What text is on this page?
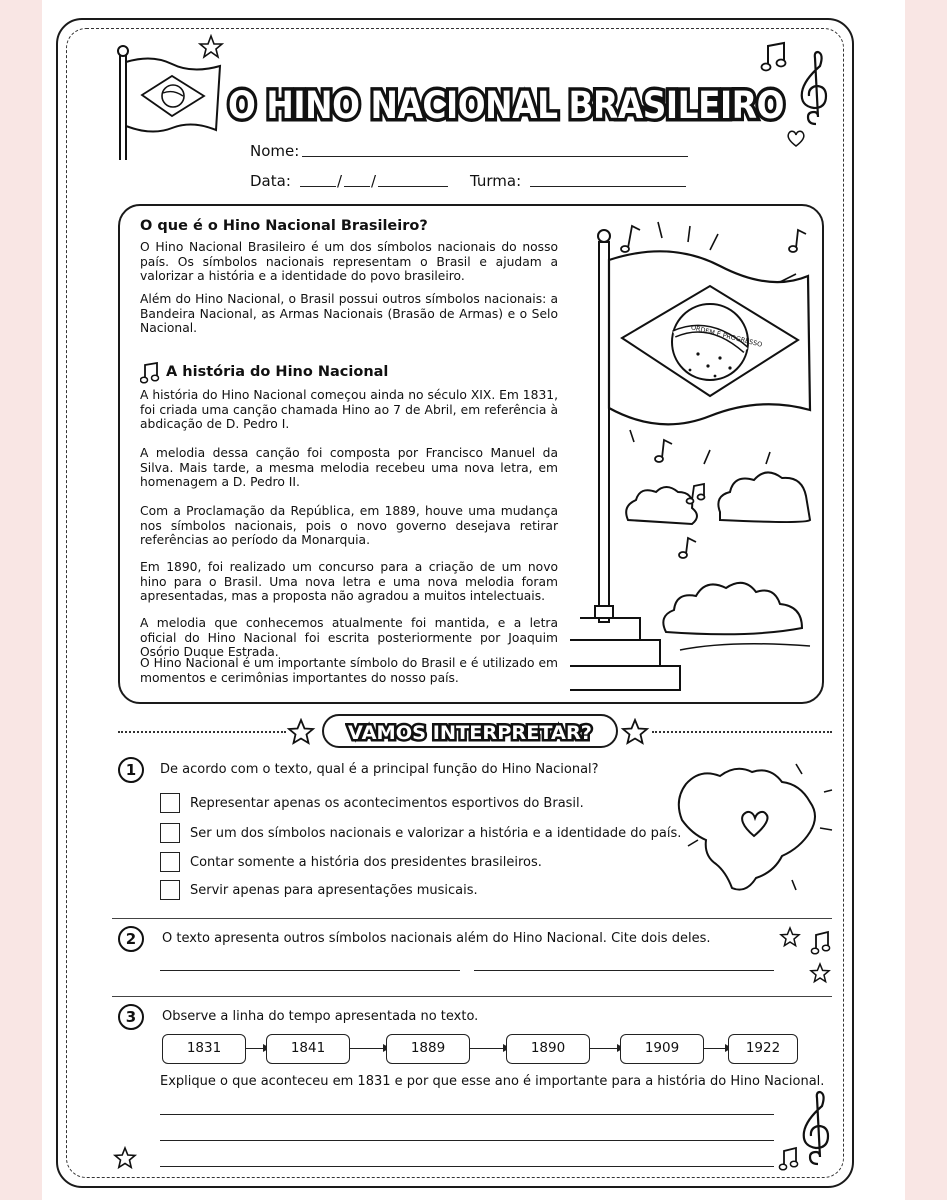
O HINO NACIONAL BRASILEIRO
Nome:
Data:	/ /	Turma:
O que é o Hino Nacional Brasileiro?
O Hino Nacional Brasileiro é um dos símbolos nacionais do nosso país. Os símbolos nacionais representam o Brasil e ajudam a valorizar a história e a identidade do povo brasileiro.
Além do Hino Nacional, o Brasil possui outros símbolos nacionais: a Bandeira Nacional, as Armas Nacionais (Brasão de Armas) e o Selo Nacional.
A história do Hino Nacional
A história do Hino Nacional começou ainda no século XIX. Em 1831, foi criada uma canção chamada Hino ao 7 de Abril, em referência à abdicação de D. Pedro I.
A melodia dessa canção foi composta por Francisco Manuel da Silva. Mais tarde, a mesma melodia recebeu uma nova letra, em homenagem a D. Pedro II.
Com a Proclamação da República, em 1889, houve uma mudança nos símbolos nacionais, pois o novo governo desejava retirar referências ao período da Monarquia.
Em 1890, foi realizado um concurso para a criação de um novo hino para o Brasil. Uma nova letra e uma nova melodia foram apresentadas, mas a proposta não agradou a muitos intelectuais.
A melodia que conhecemos atualmente foi mantida, e a letra oficial do Hino Nacional foi escrita posteriormente por Joaquim Osório Duque Estrada.
O Hino Nacional é um importante símbolo do Brasil e é utilizado em momentos e cerimônias importantes do nosso país.
ORDEM E PROGRESSO
VAMOS INTERPRETAR?
1	De acordo com o texto, qual é a principal função do Hino Nacional?
Representar apenas os acontecimentos esportivos do Brasil.
Ser um dos símbolos nacionais e valorizar a história e a identidade do país.
Contar somente a história dos presidentes brasileiros.
Servir apenas para apresentações musicais.
2	O texto apresenta outros símbolos nacionais além do Hino Nacional. Cite dois deles.
3	Observe a linha do tempo apresentada no texto.
1831	1841	1889	1890	1909	1922
Explique o que aconteceu em 1831 e por que esse ano é importante para a história do Hino Nacional.
